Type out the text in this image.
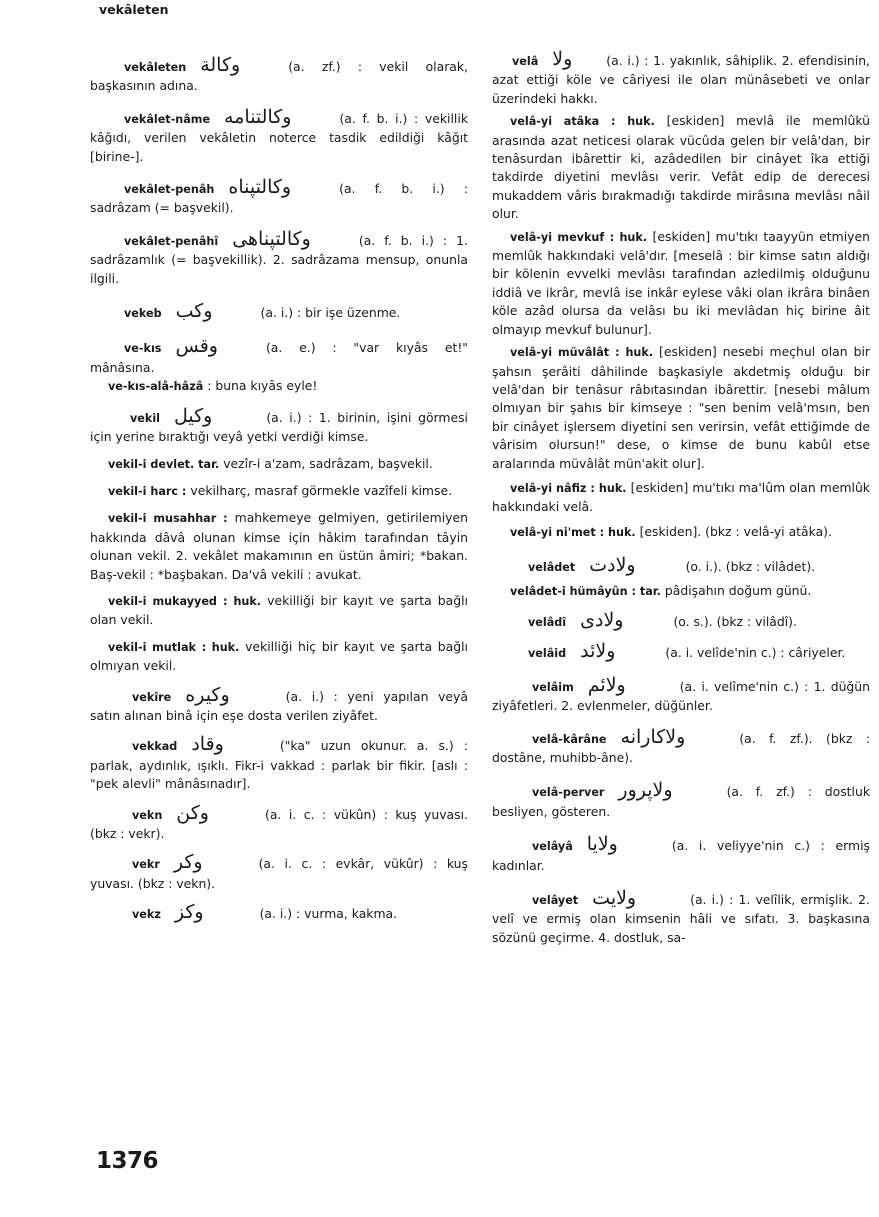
vekâleten

vekâleten وكالة	(a. zf.) : vekil olarak, başkasının adına.

vekâlet-nâme وكالتنامه	(a. f. b. i.) : vekillik kâğıdı, verilen vekâletin noterce tasdik edildiği kâğıt [birine-].

vekâlet-penâh وكالتپناه	(a. f. b. i.) : sadrâzam (= başvekil).

vekâlet-penâhî وكالتپناهى	(a. f. b. i.) : 1. sadrâzamlık (= başvekillik). 2. sadrâzama mensup, onunla ilgili.

vekeb وكب	(a. i.) : bir işe üzenme.

ve-kıs وقس	(a. e.) : "var kıyâs et!" mânâsına.

ve-kıs-alâ-hâzâ : buna kıyâs eyle!

vekil وكيل	(a. i.) : 1. birinin, işini görmesi için yerine bıraktığı veyâ yetki verdiği kimse.

vekil-i devlet. tar. vezîr-i a'zam, sadrâzam, başvekil.

vekil-i harc : vekilharç, masraf görmekle vazîfeli kimse.

vekil-i musahhar : mahkemeye gelmiyen, getirilemiyen hakkında dâvâ olunan kimse için hâkim tarafından tâyin olunan vekil. 2. vekâlet makamının en üstün âmiri; *bakan. Baş-vekil : *başbakan. Da'vâ vekili : avukat.

vekil-i mukayyed : huk. vekilliği bir kayıt ve şarta bağlı olan vekil.

vekil-i mutlak : huk. vekilliği hiç bir kayıt ve şarta bağlı olmıyan vekil.

vekîre وكيره	(a. i.) : yeni yapılan veyâ satın alınan binâ için eşe dosta verilen ziyâfet.

vekkad وقاد	("ka" uzun okunur. a. s.) : parlak, aydınlık, ışıklı. Fikr-i vakkad : parlak bir fikir. [aslı : "pek alevli" mânâsınadır].

vekn وكن	(a. i. c. : vükûn) : kuş yuvası. (bkz : vekr).

vekr وكر	(a. i. c. : evkâr, vükûr) : kuş yuvası. (bkz : vekn).

vekz وكز	(a. i.) : vurma, kakma.

velâ ولا	(a. i.) : 1. yakınlık, sâhiplik. 2. efendisinin, azat ettiği köle ve câriyesi ile olan münâsebeti ve onlar üzerindeki hakkı.

velâ-yi atâka : huk. [eskiden] mevlâ ile memlûkü arasında azat neticesi olarak vücûda gelen bir velâ'dan, bir tenâsurdan ibârettir ki, azâdedilen bir cinâyet îka ettiği takdirde diyetini mevlâsı verir. Vefât edip de derecesi mukaddem vâris bırakmadığı takdirde mirâsına mevlâsı nâil olur.

velâ-yi mevkuf : huk. [eskiden] mu'tıkı taayyün etmiyen memlûk hakkındaki velâ'dır. [meselâ : bir kimse satın aldığı bir kölenin evvelki mevlâsı tarafından azledilmiş olduğunu iddiâ ve ikrâr, mevlâ ise inkâr eylese vâki olan ikrâra binâen köle azâd olursa da velâsı bu iki mevlâdan hiç birine âit olmayıp mevkuf bulunur].

velâ-yi müvâlât : huk. [eskiden] nesebi meçhul olan bir şahsın şerâiti dâhilinde başkasiyle akdetmiş olduğu bir velâ'dan bir tenâsur râbıtasından ibârettir. [nesebi mâlum olmıyan bir şahıs bir kimseye : "sen benim velâ'msın, ben bir cinâyet işlersem diyetini sen verirsin, vefât ettiğimde de vârisim olursun!" dese, o kimse de bunu kabûl etse aralarında müvâlât mün'akit olur].

velâ-yi nâfiz : huk. [eskiden] mu'tıkı ma'lûm olan memlûk hakkındaki velâ.

velâ-yi ni'met : huk. [eskiden]. (bkz : velâ-yi atâka).

velâdet ولادت	(o. i.). (bkz : vilâdet).

velâdet-i hümâyûn : tar. pâdişahın doğum günü.

velâdî ولادى	(o. s.). (bkz : vilâdî).

velâid ولائد	(a. i. velîde'nin c.) : câriyeler.

velâim ولائم	(a. i. velîme'nin c.) : 1. düğün ziyâfetleri. 2. evlenmeler, düğünler.

velâ-kârâne ولاكارانه	(a. f. zf.). (bkz : dostâne, muhibb-âne).

velâ-perver ولاپرور	(a. f. zf.) : dostluk besliyen, gösteren.

velâyâ ولايا	(a. i. veliyye'nin c.) : ermiş kadınlar.

velâyet ولايت	(a. i.) : 1. velîlik, ermişlik. 2. velî ve ermiş olan kimsenin hâli ve sıfatı. 3. başkasına sözünü geçirme. 4. dostluk, sa-

1376
